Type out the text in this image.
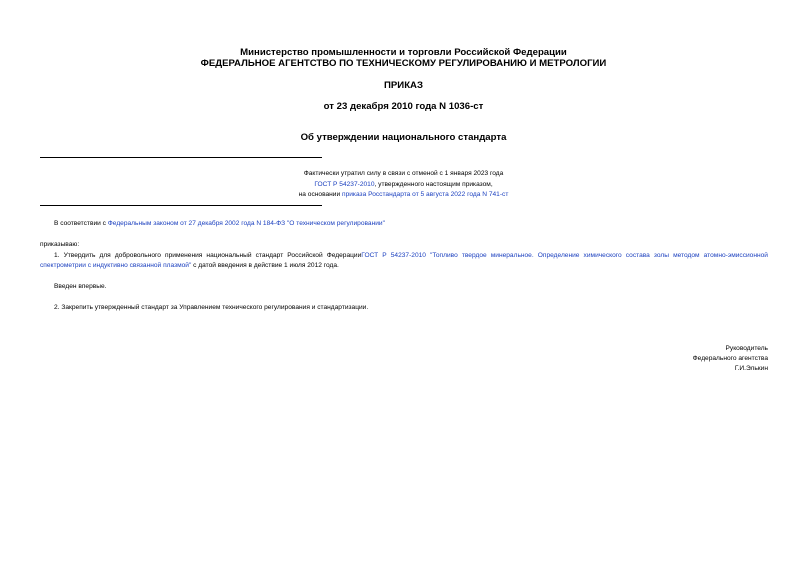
Министерство промышленности и торговли Российской Федерации
ФЕДЕРАЛЬНОЕ АГЕНТСТВО ПО ТЕХНИЧЕСКОМУ РЕГУЛИРОВАНИЮ И МЕТРОЛОГИИ
ПРИКАЗ
от 23 декабря 2010 года N 1036-ст
Об утверждении национального стандарта
Фактически утратил силу в связи с отменой с 1 января 2023 года
ГОСТ Р 54237-2010, утвержденного настоящим приказом,
на основании приказа Росстандарта от 5 августа 2022 года N 741-ст
В соответствии с Федеральным законом от 27 декабря 2002 года N 184-ФЗ "О техническом регулировании"
приказываю:
1. Утвердить для добровольного применения национальный стандарт Российской ФедерацииГОСТ Р 54237-2010 "Топливо твердое минеральное. Определение химического состава золы методом атомно-эмиссионной спектрометрии с индуктивно связанной плазмой" с датой введения в действие 1 июля 2012 года.
Введен впервые.
2. Закрепить утвержденный стандарт за Управлением технического регулирования и стандартизации.
Руководитель
Федерального агентства
Г.И.Элькин
